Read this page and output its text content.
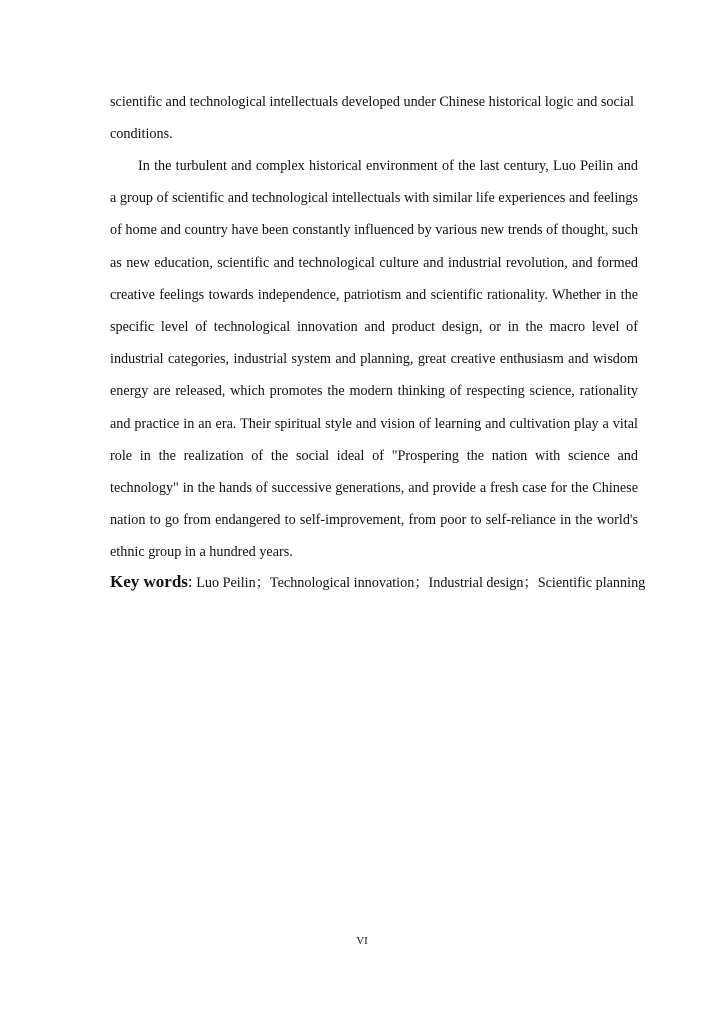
scientific and technological intellectuals developed under Chinese historical logic and social conditions.

In the turbulent and complex historical environment of the last century, Luo Peilin and a group of scientific and technological intellectuals with similar life experiences and feelings of home and country have been constantly influenced by various new trends of thought, such as new education, scientific and technological culture and industrial revolution, and formed creative feelings towards independence, patriotism and scientific rationality. Whether in the specific level of technological innovation and product design, or in the macro level of industrial categories, industrial system and planning, great creative enthusiasm and wisdom energy are released, which promotes the modern thinking of respecting science, rationality and practice in an era. Their spiritual style and vision of learning and cultivation play a vital role in the realization of the social ideal of "Prospering the nation with science and technology" in the hands of successive generations, and provide a fresh case for the Chinese nation to go from endangered to self-improvement, from poor to self-reliance in the world's ethnic group in a hundred years.

Key words: Luo Peilin；Technological innovation；Industrial design；Scientific planning

VI
